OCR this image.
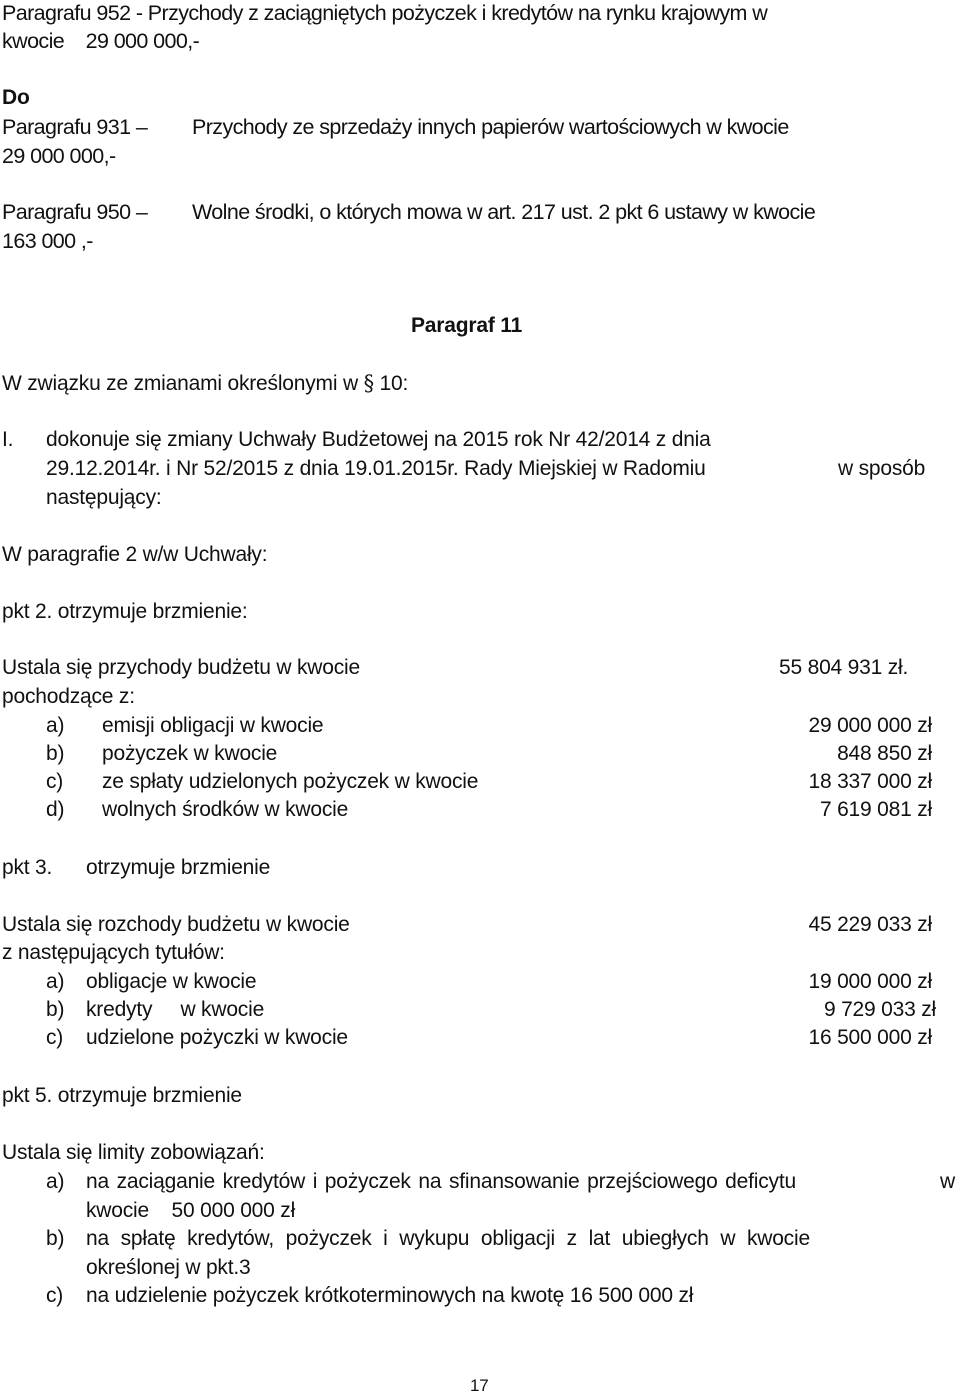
Paragrafu 952 - Przychody z zaciągniętych pożyczek i kredytów na rynku krajowym w
kwocie    29 000 000,-
Do
Paragrafu 931 – Przychody ze sprzedaży innych papierów wartościowych w kwocie
29 000 000,-
Paragrafu 950 – Wolne środki, o których mowa w art. 217 ust. 2 pkt 6 ustawy w kwocie
163 000 ,-
Paragraf 11
W związku ze zmianami określonymi w § 10:
I. dokonuje się zmiany Uchwały Budżetowej na 2015 rok Nr 42/2014 z dnia
29.12.2014r. i Nr 52/2015 z dnia 19.01.2015r. Rady Miejskiej w Radomiu	w sposób
następujący:
W paragrafie 2 w/w Uchwały:
pkt 2. otrzymuje brzmienie:
Ustala się przychody budżetu w kwocie	55 804 931 zł.
pochodzące z:
a) emisji obligacji w kwocie	29 000 000 zł
b) pożyczek w kwocie	848 850 zł
c) ze spłaty udzielonych pożyczek w kwocie	18 337 000 zł
d) wolnych środków w kwocie	7 619 081 zł
pkt 3. otrzymuje brzmienie
Ustala się rozchody budżetu w kwocie	45 229 033 zł
z następujących tytułów:
a) obligacje w kwocie	19 000 000 zł
b) kredyty     w kwocie	9 729 033 zł
c) udzielone pożyczki w kwocie	16 500 000 zł
pkt 5. otrzymuje brzmienie
Ustala się limity zobowiązań:
a) na zaciąganie kredytów i pożyczek na sfinansowanie przejściowego deficytu	w
kwocie    50 000 000 zł
b) na spłatę kredytów, pożyczek i wykupu obligacji z lat ubiegłych w kwocie
określonej w pkt.3
c) na udzielenie pożyczek krótkoterminowych na kwotę 16 500 000 zł
17
